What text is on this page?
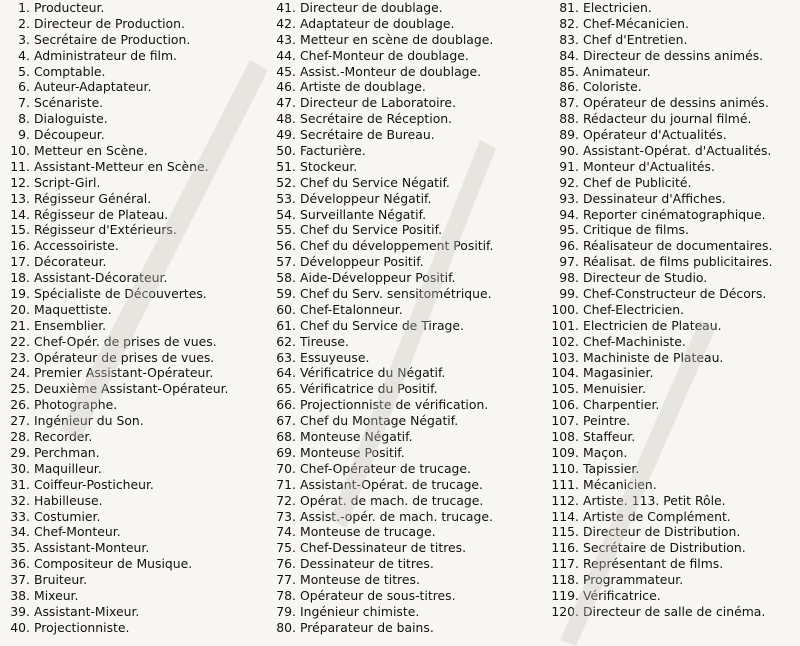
1. Producteur.
2. Directeur de Production.
3. Secrétaire de Production.
4. Administrateur de film.
5. Comptable.
6. Auteur-Adaptateur.
7. Scénariste.
8. Dialoguiste.
9. Découpeur.
10. Metteur en Scène.
11. Assistant-Metteur en Scène.
12. Script-Girl.
13. Régisseur Général.
14. Régisseur de Plateau.
15. Régisseur d'Extérieurs.
16. Accessoiriste.
17. Décorateur.
18. Assistant-Décorateur.
19. Spécialiste de Découvertes.
20. Maquettiste.
21. Ensemblier.
22. Chef-Opér. de prises de vues.
23. Opérateur de prises de vues.
24. Premier Assistant-Opérateur.
25. Deuxième Assistant-Opérateur.
26. Photographe.
27. Ingénieur du Son.
28. Recorder.
29. Perchman.
30. Maquilleur.
31. Coiffeur-Posticheur.
32. Habilleuse.
33. Costumier.
34. Chef-Monteur.
35. Assistant-Monteur.
36. Compositeur de Musique.
37. Bruiteur.
38. Mixeur.
39. Assistant-Mixeur.
40. Projectionniste.
41. Directeur de doublage.
42. Adaptateur de doublage.
43. Metteur en scène de doublage.
44. Chef-Monteur de doublage.
45. Assist.-Monteur de doublage.
46. Artiste de doublage.
47. Directeur de Laboratoire.
48. Secrétaire de Réception.
49. Secrétaire de Bureau.
50. Facturière.
51. Stockeur.
52. Chef du Service Négatif.
53. Développeur Négatif.
54. Surveillante Négatif.
55. Chef du Service Positif.
56. Chef du développement Positif.
57. Développeur Positif.
58. Aide-Développeur Positif.
59. Chef du Serv. sensitométrique.
60. Chef-Etalonneur.
61. Chef du Service de Tirage.
62. Tireuse.
63. Essuyeuse.
64. Vérificatrice du Négatif.
65. Vérificatrice du Positif.
66. Projectionniste de vérification.
67. Chef du Montage Négatif.
68. Monteuse Négatif.
69. Monteuse Positif.
70. Chef-Opérateur de trucage.
71. Assistant-Opérat. de trucage.
72. Opérat. de mach. de trucage.
73. Assist.-opér. de mach. trucage.
74. Monteuse de trucage.
75. Chef-Dessinateur de titres.
76. Dessinateur de titres.
77. Monteuse de titres.
78. Opérateur de sous-titres.
79. Ingénieur chimiste.
80. Préparateur de bains.
81. Electricien.
82. Chef-Mécanicien.
83. Chef d'Entretien.
84. Directeur de dessins animés.
85. Animateur.
86. Coloriste.
87. Opérateur de dessins animés.
88. Rédacteur du journal filmé.
89. Opérateur d'Actualités.
90. Assistant-Opérat. d'Actualités.
91. Monteur d'Actualités.
92. Chef de Publicité.
93. Dessinateur d'Affiches.
94. Reporter cinématographique.
95. Critique de films.
96. Réalisateur de documentaires.
97. Réalisat. de films publicitaires.
98. Directeur de Studio.
99. Chef-Constructeur de Décors.
100. Chef-Electricien.
101. Electricien de Plateau.
102. Chef-Machiniste.
103. Machiniste de Plateau.
104. Magasinier.
105. Menuisier.
106. Charpentier.
107. Peintre.
108. Staffeur.
109. Maçon.
110. Tapissier.
111. Mécanicien.
112. Artiste. 113. Petit Rôle.
114. Artiste de Complément.
115. Directeur de Distribution.
116. Secrétaire de Distribution.
117. Représentant de films.
118. Programmateur.
119. Vérificatrice.
120. Directeur de salle de cinéma.
